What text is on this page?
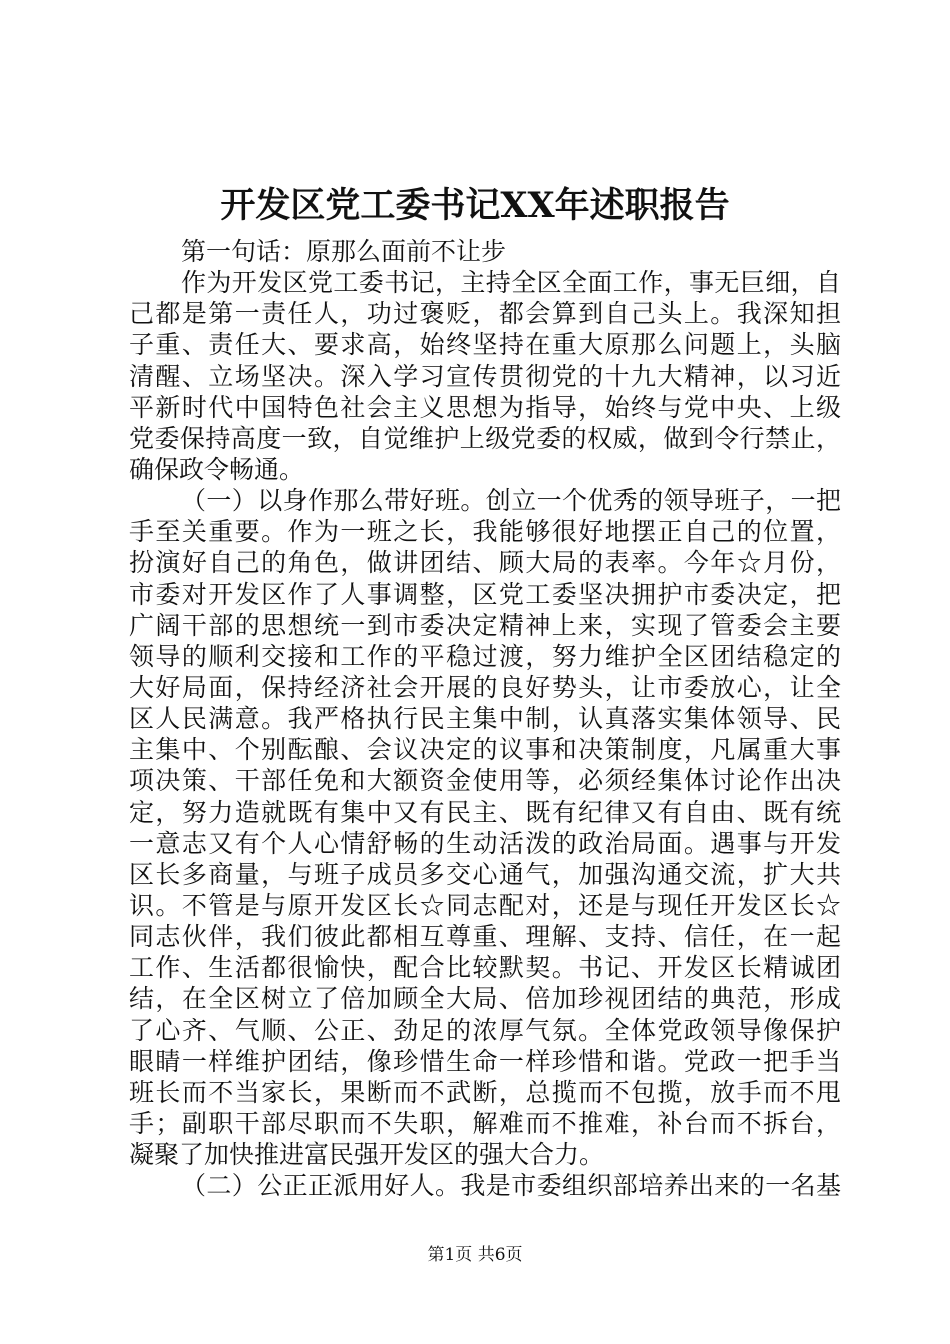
开发区党工委书记XX年述职报告
第一句话：原那么面前不让步
作为开发区党工委书记，主持全区全面工作，事无巨细，自
己都是第一责任人，功过褒贬，都会算到自己头上。我深知担
子重、责任大、要求高，始终坚持在重大原那么问题上，头脑
清醒、立场坚决。深入学习宣传贯彻党的十九大精神，以习近
平新时代中国特色社会主义思想为指导，始终与党中央、上级
党委保持高度一致，自觉维护上级党委的权威，做到令行禁止，
确保政令畅通。
（一）以身作那么带好班。创立一个优秀的领导班子，一把
手至关重要。作为一班之长，我能够很好地摆正自己的位置，
扮演好自己的角色，做讲团结、顾大局的表率。今年☆月份，
市委对开发区作了人事调整，区党工委坚决拥护市委决定，把
广阔干部的思想统一到市委决定精神上来，实现了管委会主要
领导的顺利交接和工作的平稳过渡，努力维护全区团结稳定的
大好局面，保持经济社会开展的良好势头，让市委放心，让全
区人民满意。我严格执行民主集中制，认真落实集体领导、民
主集中、个别酝酿、会议决定的议事和决策制度，凡属重大事
项决策、干部任免和大额资金使用等，必须经集体讨论作出决
定，努力造就既有集中又有民主、既有纪律又有自由、既有统
一意志又有个人心情舒畅的生动活泼的政治局面。遇事与开发
区长多商量，与班子成员多交心通气，加强沟通交流，扩大共
识。不管是与原开发区长☆同志配对，还是与现任开发区长☆
同志伙伴，我们彼此都相互尊重、理解、支持、信任，在一起
工作、生活都很愉快，配合比较默契。书记、开发区长精诚团
结，在全区树立了倍加顾全大局、倍加珍视团结的典范，形成
了心齐、气顺、公正、劲足的浓厚气氛。全体党政领导像保护
眼睛一样维护团结，像珍惜生命一样珍惜和谐。党政一把手当
班长而不当家长，果断而不武断，总揽而不包揽，放手而不甩
手；副职干部尽职而不失职，解难而不推难，补台而不拆台，
凝聚了加快推进富民强开发区的强大合力。
（二）公正正派用好人。我是市委组织部培养出来的一名基
第1页 共6页
